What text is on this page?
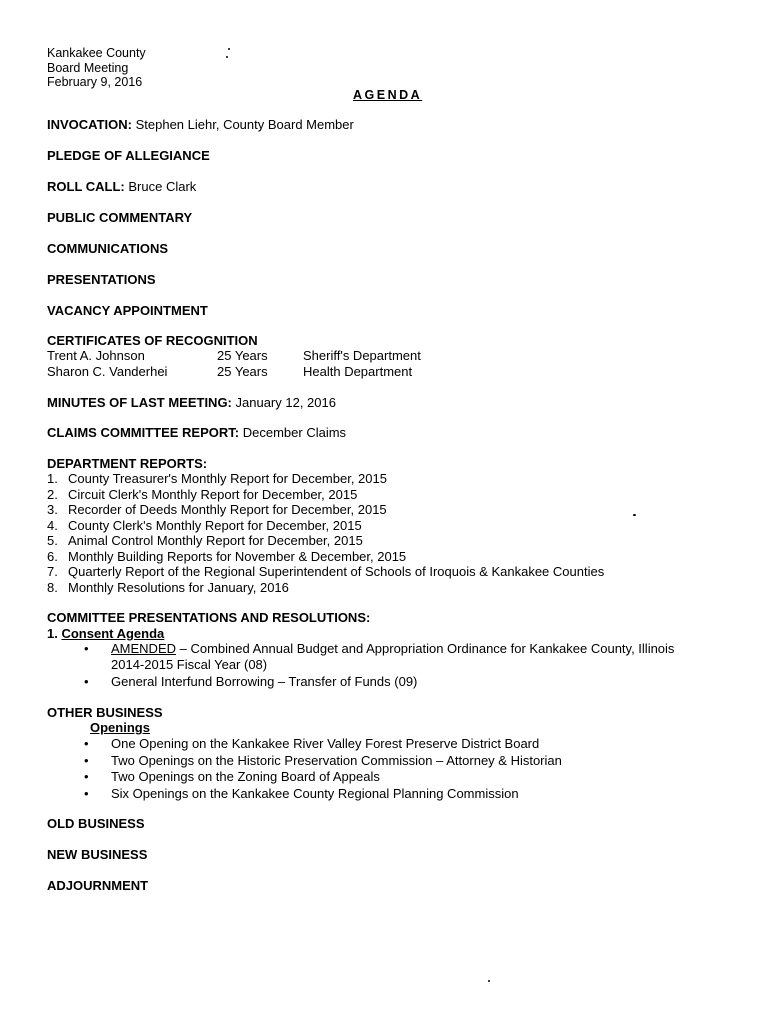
Kankakee County
Board Meeting
February 9, 2016
AGENDA
INVOCATION: Stephen Liehr, County Board Member
PLEDGE OF ALLEGIANCE
ROLL CALL: Bruce Clark
PUBLIC COMMENTARY
COMMUNICATIONS
PRESENTATIONS
VACANCY APPOINTMENT
CERTIFICATES OF RECOGNITION
Trent A. Johnson	25 Years	Sheriff's Department
Sharon C. Vanderhei	25 Years	Health Department
MINUTES OF LAST MEETING: January 12, 2016
CLAIMS COMMITTEE REPORT: December Claims
DEPARTMENT REPORTS:
1. County Treasurer's Monthly Report for December, 2015
2. Circuit Clerk's Monthly Report for December, 2015
3. Recorder of Deeds Monthly Report for December, 2015
4. County Clerk's Monthly Report for December, 2015
5. Animal Control Monthly Report for December, 2015
6. Monthly Building Reports for November & December, 2015
7. Quarterly Report of the Regional Superintendent of Schools of Iroquois & Kankakee Counties
8. Monthly Resolutions for January, 2016
COMMITTEE PRESENTATIONS AND RESOLUTIONS:
1. Consent Agenda
• AMENDED – Combined Annual Budget and Appropriation Ordinance for Kankakee County, Illinois
2014-2015 Fiscal Year (08)
• General Interfund Borrowing – Transfer of Funds (09)
OTHER BUSINESS
Openings
• One Opening on the Kankakee River Valley Forest Preserve District Board
• Two Openings on the Historic Preservation Commission – Attorney & Historian
• Two Openings on the Zoning Board of Appeals
• Six Openings on the Kankakee County Regional Planning Commission
OLD BUSINESS
NEW BUSINESS
ADJOURNMENT
